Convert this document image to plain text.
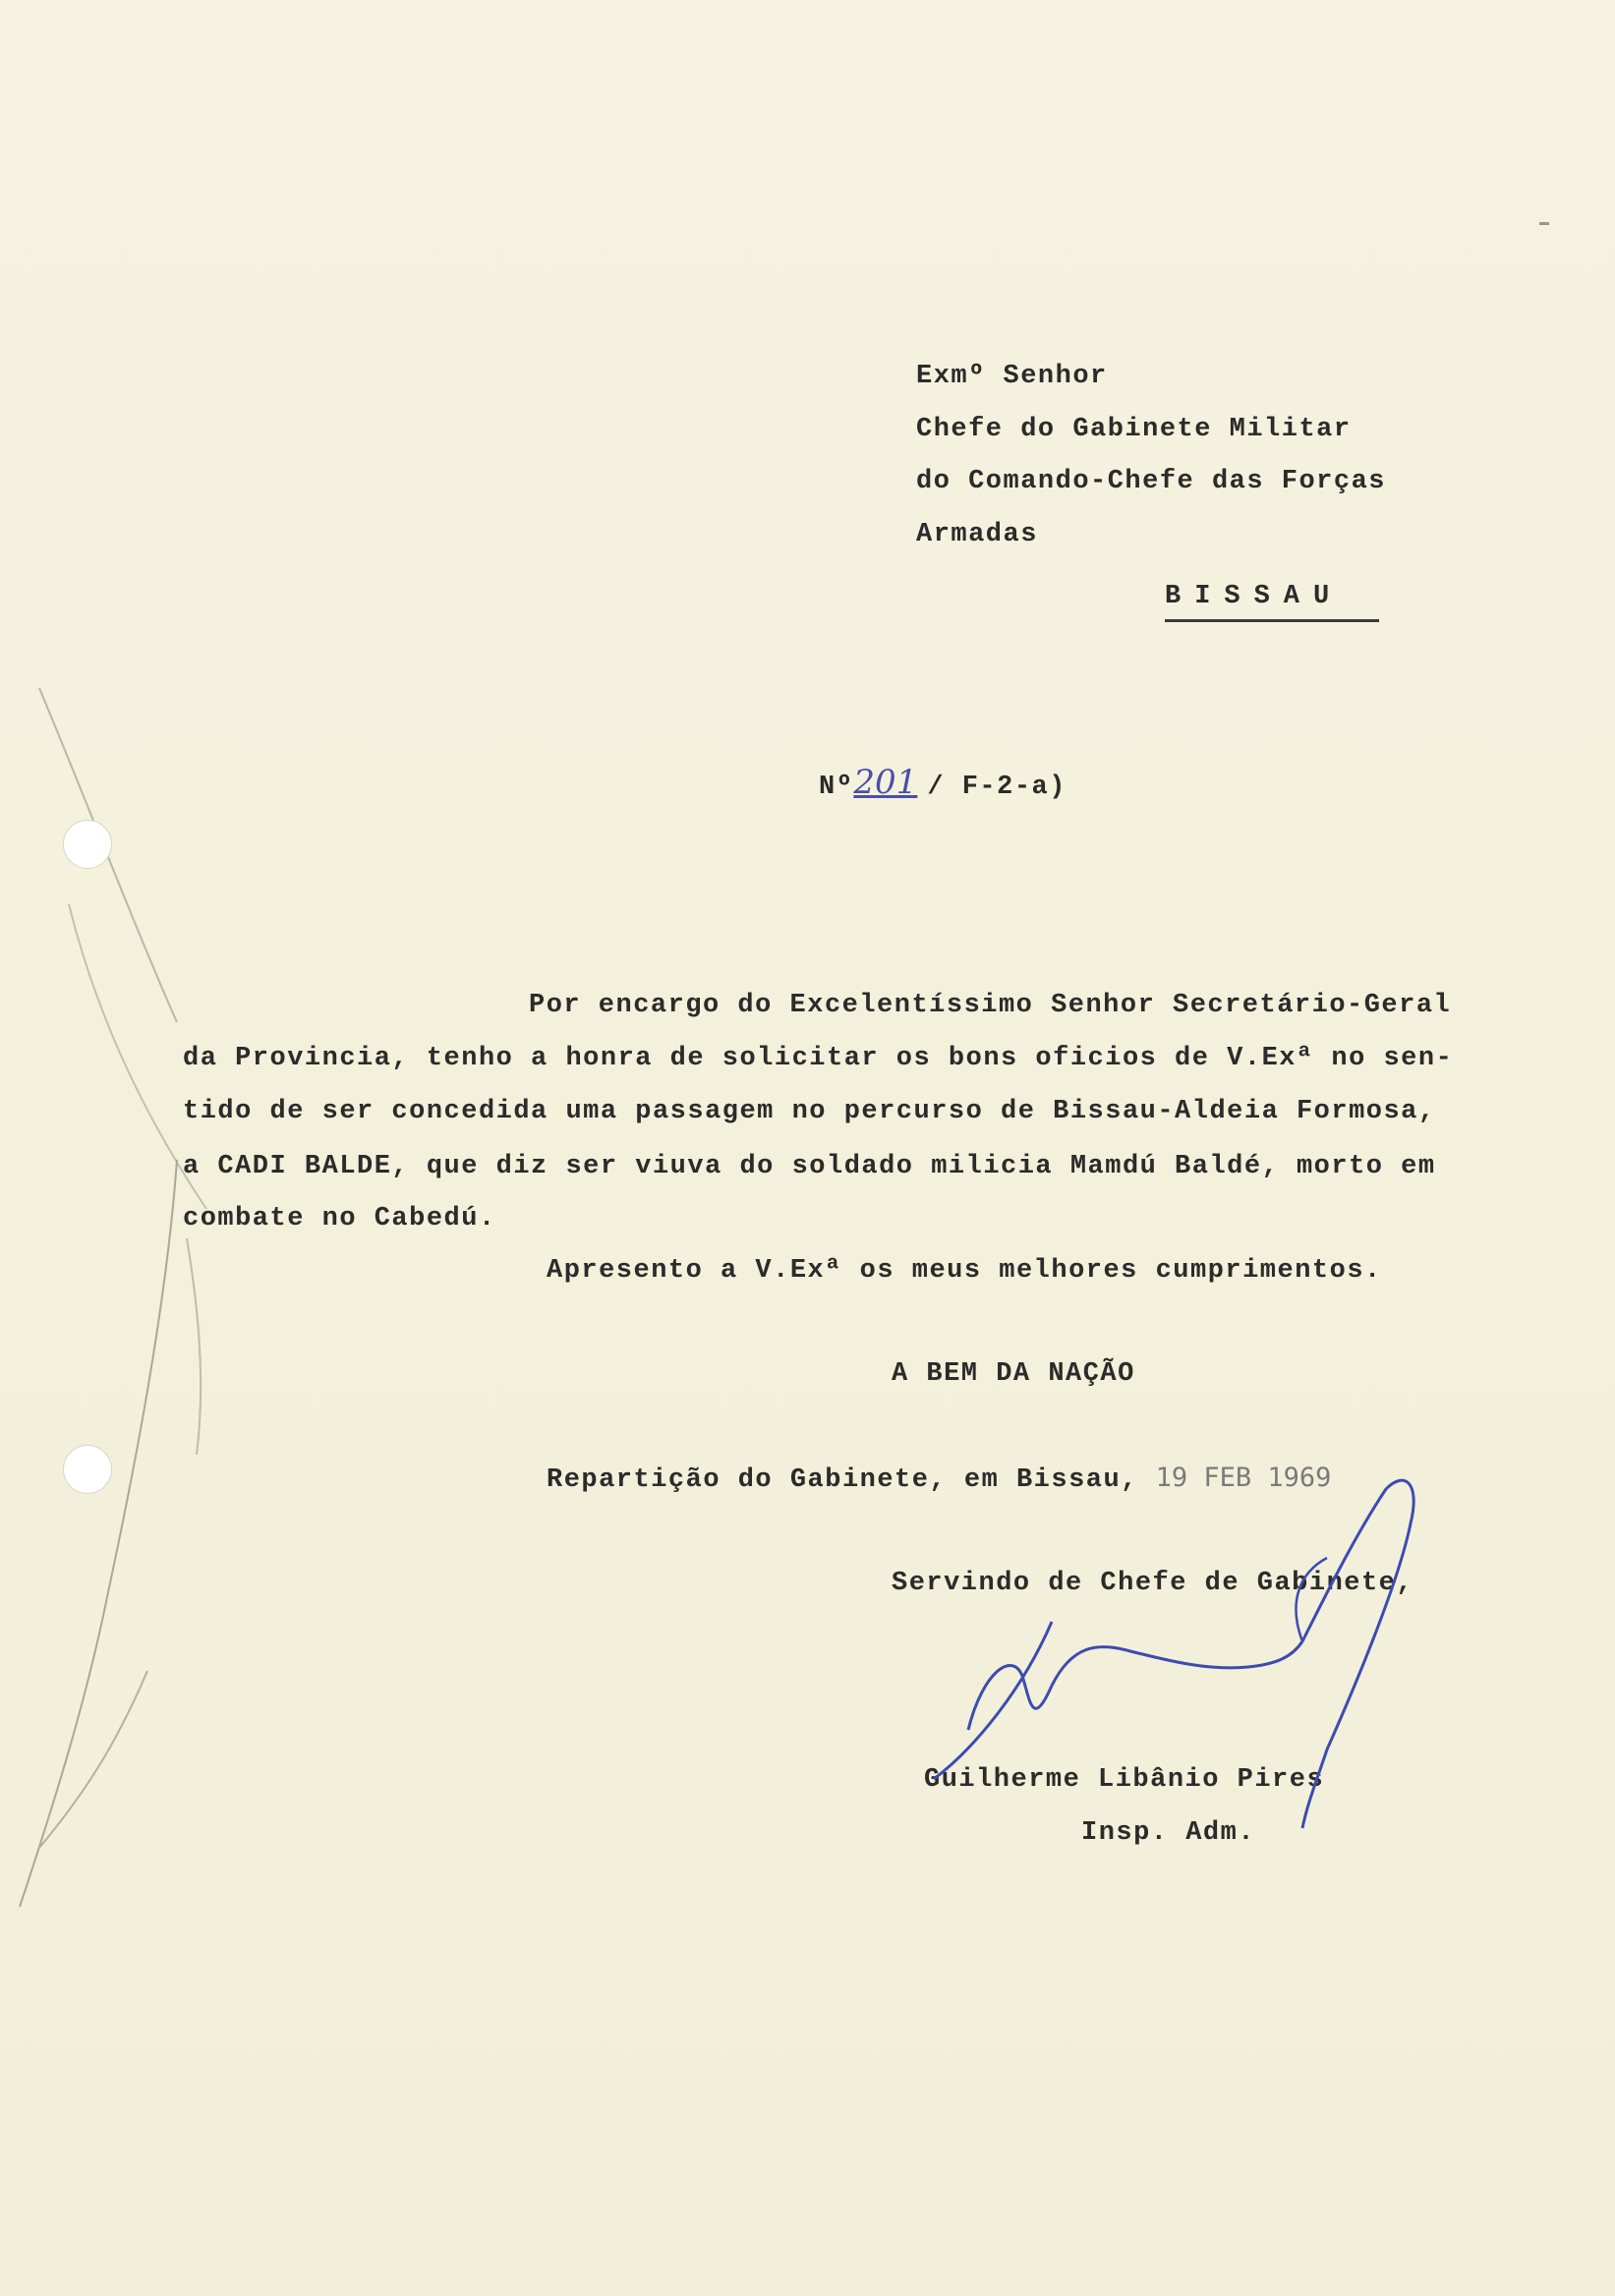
Exmº Senhor
Chefe do Gabinete Militar
do Comando-Chefe das Forças
Armadas
BISSAU
Nº201 / F-2-a)
Por encargo do Excelentíssimo Senhor Secretário-Geral
da Provincia, tenho a honra de solicitar os bons oficios de V.Exª no sen-
tido de ser concedida uma passagem no percurso de Bissau-Aldeia Formosa,
a CADI BALDE, que diz ser viuva do soldado milicia Mamdú Baldé, morto em
combate no Cabedú.
Apresento a V.Exª os meus melhores cumprimentos.
A BEM DA NAÇÃO
Repartição do Gabinete, em Bissau, 19 FEB 1969
Servindo de Chefe de Gabinete,
Guilherme Libânio Pires
Insp. Adm.
